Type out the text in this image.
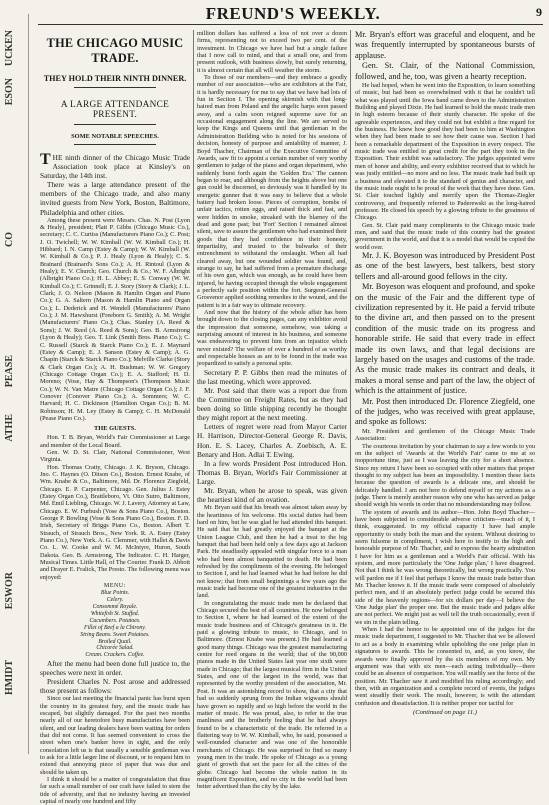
UCKEN
ESON
CO
PEASE
ATHE
ESWOR
HMIDT
FREUND'S WEEKLY.	9
THE CHICAGO MUSIC TRADE.
THEY HOLD THEIR NINTH DINNER.
A LARGE ATTENDANCE PRESENT.
SOME NOTABLE SPEECHES.

THE ninth dinner of the Chicago Music Trade Association took place at Kinsley's on Saturday, the 14th inst.

There was a large attendance present of the members of the Chicago trade, and also many invited guests from New York, Boston, Baltimore, Philadelphia and other cities.

Among these present were Messrs. Chas. N. Post (Lyon & Healy), president; Platt P. Gibbs (Chicago Music Co.), secretary; C. C. Curtiss (Manufacturers Piano Co.); C. Post; J. O. Twichell; W. W. Kimball (W. W. Kimball Co.); H. Hibbard; I. N. Camp (Estey & Camp); W. W. Kimball (W. W. Kimball & Co.); P. J. Healy (Lyon & Healy); C. S. Brainard (Brainard's Sons Co.); A. H. Rintoul (Lyon & Healy); E. V. Church; Geo. Church & Co.; W. F. Albright (Albright Piano Co.); H. L. Abbey; E. S. Conway (W. W. Kimball Co.); C. Grinnell; E. J. Story (Story & Clark); J. L. Clark; J. O. Nelson (Mason & Hamlin Organ and Piano Co.); G. A. Saltern (Mason & Hamlin Piano and Organ Co.); L. Dederick and H. Wendell (Manufacturers' Piano Co.); J. M. Hawxhurst (Freeborn G. Smith); A. M. Wright (Manufacturers' Piano Co.); Chas. Stanley (A. Reed & Sons); J. W. Reed (A. Reed & Sons); Geo. B. Armstrong (Lyon & Healy); Geo. T. Link (Smith Bros. Piano Co.); C. C. Russell (Starck & Starck Piano Co.); E. J. Maynard (Estey & Camp); E. J. Sanson (Estey & Camp); A. G. Chapin (Starck & Starck Piano Co.); Melville Clarke (Story & Clark Organ Co.); A. H. Bushman; W. W. Gregory (Chicago Cottage Organ Co.); E. A. Stafford; H. D. Moreno; (Vose, Hay & Thompson's (Thompson Music Co.); W. N. Van Matre (Chicago Cottage Organ Co.); J. F. Conover (Conover Piano Co.); A. Sommers; W. C. Harvard; H. C. Dickinson (Hamilton Organ Co.); B. M. Robinson; H. M. Ley (Estey & Camp); C. H. McDonald (Pease Piano Co.).

THE GUESTS.

Hon. T. B. Bryan, World's Fair Commissioner at Large and member of the Local Board.

Gen. W. D. St. Clair, National Commissioner, West Virginia.

Hon. Thomas Cratty, Chicago. J. K. Bryson, Chicago. Jno. C. Haynes (O. Ditson Co.), Boston. Ernest Knabe, of Wm. Knabe & Co., Baltimore, Md. Dr. Florence Ziegfeld, Chicago. E. P. Carpenter, Chicago. Gen. Julius J. Estey (Estey Organ Co.), Brattleboro, Vt. Otto Sutro, Baltimore, Md. Emil Liebling, Chicago. W. J. Lavery, Attorney at Law, Chicago. E. W. Furbush (Vose & Sons Piano Co.), Boston. George P. Bowling (Vose & Sons Piano Co.), Boston. F. D. Irish, Secretary of Briggs Piano Co., Boston. Albert T. Strauch, of Strauch Bros., New York. R. A. Estey (Estey Piano Co.), New York. A. G. Clemmer, with Hallet & Davis Co. L. W. Cooke and W. M. McIntyre, Huron, South Dakota. Geo. B. Armstrong, The Indicator. C. H. Harger, Musical Times. Little Hall, of The Courier. Frank D. Abbott and Drayer E. Fralick, The Presto. The following menu was enjoyed:

MENU:
Blue Points.
Celery.
Consommé Royale.
Whitefish St. Stuffed.
Cucumbers. Potatoes.
Fillet of Beef a la Chirony.
String Beans. Sweet Potatoes.
Broiled Quail.
Chicorée Salad.
Cream. Crackers. Coffee.

After the menu had been done full justice to, the speeches were next in order.

President Charles N. Post arose and addressed those present as follows:

Since our last meeting the financial panic has burst upon the country in its greatest fury, and the music trade has escaped, but slightly damaged. For the past two months nearly all of our heretofore busy manufacturies have been silent, and our leading dealers have been waiting for orders that did not come. It has seemed convenient to cross the street when one's banker hove in sight, and the only consolation left us is that usually a sensible gentleman was to ask for a little larger line of discount, or to request him to extend that annoying piece of paper that was due and should be taken up.

I think it should be a matter of congratulation that thus far such a small number of our craft have failed to stem the tide of adversity, and that no industry having an invested capital of nearly one hundred and fifty

million dollars has suffered a loss of not over a dozen firms, representing not to exceed two per cent. of the investment. In Chicago we have had but a single failure that I now call to mind, and that a small one, and from present outlook, with business slowly, but surely returning, it is almost certain that all will weather the storm.

To those of our members—and they embrace a goodly number of our association—who are exhibitors at the Fair, it is hardly necessary for me to say that we have had lots of fun in Section I. The opening skirmish with that long-haired man from Poland and the angelic harps soon passed away, and a calm soon reigned supreme save for an occasional engagement along the line. We are served to keep the Kings and Queens until that gentleman in the Administration Building who is noted for his sessions of decision, honesty of purpose and amiability of manner, J. Boyd Thacher, Chairman of the Executive Committee of Awards, saw fit to appoint a certain number of very worthy gentlemen to judge of the piano and organ department, who suddenly burst forth again the 'Golden Era.' The cannon began to roar, and although from the heights above but one gun could be discerned, so deviously was it handled by its energetic gunner that it was easy to believe that a whole battery had broken loose. Pieces of corruption, bombs of unfair tactics, rotten eggs, and raised thick and fast, and were hidden in smoke, streaked with the blarney of the dead and gone past; but 'Fort' Section I remained almost silent, save to assure the gentlemen who had examined their goods that they had confidence in their honesty, impartiality, and trusted to the bulwarks of their entrenchment to withstand the onslaught. When all had cleared away, but one wounded soldier was found, and, strange to say, he had suffered from a premature discharge of his own gun, which was enough, as he could have been injured, be having occupied through the whole engagement a perfectly safe position within the fort. Surgeon-General Grosvenor applied soothing remedies to the wound, and the patient is in a fair way to ultimate recovery.

And now that the history of the whole affair has been brought down to the closing pages, can any exhibitor avoid the impression that someone, somehow, was taking a surprising amount of interest in his business, and someone was endeavoring to prevent him from an injustice which never existed? The welfare of over a hundred of as worthy and respectable houses as are to be found in the trade was jeopardized to satisfy a personal spite.

Secretary P. P. Gibbs then read the minutes of the last meeting, which were approved.

Mr. Post said that there was a report due from the Committee on Freight Rates, but as they had been doing so little shipping recently he thought they might report at the next meeting.

Letters of regret were read from Mayor Carter H. Harrison, Director-General George R. Davis, Hon. E. S. Lacey, Charles A. Zoebisch, A. E. Benary and Hon. Adlai T. Ewing.

In a few words President Post introduced Hon. Thomas B. Bryan, World's Fair Commissioner at Large.

Mr. Bryan, when he arose to speak, was given the heartiest kind of an ovation.

Mr. Bryan said that his breath was almost taken away by the heartiness of his welcome. His social duties had been hard on him, but he was glad he had attended this banquet. He said that he had greatly enjoyed the banquet at the Union League Club, and then he had a treat to the big banquet that had been held only a few days ago at Jackson Park. He steadfastly appealed with singular force to a man who had been almost banquetted to death. He had been refreshed by the compliments of the evening. He belonged to Section I, and he had learned what he had before he did not know; that from small beginnings a few years ago the music trade had become one of the greatest industries in the land.

In congratulating the music trade men he declared that Chicago secured the best of all countries. He now belonged to Section I, where he had learned of the extent of the music trade business and of Chicago's greatness in it. He paid a glowing tribute to music, to Chicago, and to Baltimore. (Ernest Knabe was present.) He had learned a good many things. Chicago was the greatest manufacturing centre for reed organs in the world; that of the 90,000 pianos made in the United States last year one sixth were made in Chicago; that the largest musical firm in the United States, and one of the largest in the world, was that represented by the worthy president of the association, Mr. Post. It was an astonishing record to show, that a city that had so suddenly sprung from the Indian wigwams should have grown so rapidly and so high before the world in the matter of music. He was proud, also, to refer to the true manliness and the brotherly feeling that he had always found to be a characteristic of the trade. He referred in a flattering way to W. W. Kimball, who, he said, possessed a well-rounded character and was one of the honorable merchants of Chicago. He was surprised to find so many young men in the trade. He spoke of Chicago as a young giant of growth that set the pace for all the cities of the globe. Chicago had become the whole nation in its magnificent Exposition, and no city in the world had been better advertised than the city by the lake.

Mr. Bryan's effort was graceful and eloquent, and he was frequently interrupted by spontaneous bursts of applause.

Gen. St. Clair, of the National Commission, followed, and he, too, was given a hearty reception.

He had hoped, when he went into the Exposition, to learn something of music, but had been so overwhelmed with it that he couldn't tell what was played until the Iowa band came down to the Administration Building and played Dixie. He had learned to hold the music trade men in high esteem because of their sturdy character. He spoke of the agreeable experiences, and they could not but exhibit a fine regard for the business. He knew how good they had been to him at Washington when they had been made to see how their cause was. Section I had been a remarkable department of the Exposition in every respect. The music trade was entitled to great credit for the part they took in the Exposition. Their exhibit was satisfactory. The judges appointed were men of honor and ability, and every exhibitor received that to which he was justly entitled—no more and no less. The music trade had built up a business and elevated it to the standard of genius and character, and the music trade ought to be proud of the work that they have done. Gen. St. Clair touched lightly and merrily upon the Thomas-Ziegler controversy, and frequently referred to Paderewski as the long-haired professor. He closed his speech by a glowing tribute to the greatness of Chicago.

Gen. St. Clair paid many compliments to the Chicago music trade men, and said that the music trade of this country had the greatest government in the world, and that it is a model that would be copied the world over.

Mr. J. K. Boyeson was introduced by President Post as one of the best lawyers, best talkers, best story tellers and all-around good fellows in the city.

Mr. Boyeson was eloquent and profound, and spoke on the music of the Fair and the different type of civilization represented by it. He paid a fervid tribute to the divine art, and then passed on to the present condition of the music trade on its progress and honorable strife. He said that every trade in effect made its own laws, and that legal decisions are largely based on the usages and customs of the trade. As the music trade makes its contract and deals, it makes a moral sense and part of the law, the object of which is the attainment of justice.

Mr. Post then introduced Dr. Florence Ziegfeld, one of the judges, who was received with great applause, and spoke as follows:

Mr. President and gentlemen of the Chicago Music Trade Association:

The courteous invitation by your chairman to say a few words to you on the subject of 'Awards at the World's Fair' came to me at so inopportune time, just as I was leaving the city for a short absence. Since my return I have been so occupied with other matters that proper thought to my subject has been an impossibility. I mention these facts because the question of awards is a delicate one, and should be delicately handled. I am not here to defend myself or my actions as a judge. There is merely another reason why one who has served as judge should weigh his words in order that no misunderstanding may follow.

The system of awards and its author—Hon. John Boyd Thacher—have been subjected to considerable adverse criticism—much of it, I think, exaggerated. In my official capacity I have had ample opportunity to study both the man and the system. Without desiring to seem fulsome in compliment, I wish here to testify to the high and honorable purpose of Mr. Thacher, and to express the hearty admiration I have for him as a gentleman and a World's Fair official. With his system, and more particularly the 'One Judge plan,' I have disagreed. Not that I think he was wrong theoretically, but wrong practically. You will pardon me if I feel that perhaps I know the music trade better than Mr. Thacher knows it. If the music trade were composed of absolutely perfect men, and if an absolutely perfect judge could be secured this side of the heavenly regions—for six dollars per day—I believe the 'One Judge plan' the proper one. But the music trade and judges alike are not perfect. We might just as well tell the truth occasionally, even if we sin in the plain telling.

When I had the honor to be appointed one of the judges for the music trade department, I suggested to Mr. Thacher that we be allowed to act as a body in examining while upholding the one judge plan in signatures to awards. This he consented to, and, as you know, the awards were finally approved by the six members of my own. My argument was that with six men—each acting individually—there could be an absence of comparison. You will readily see the force of the position. Mr. Thacher saw it and modified his ruling accordingly; and then, with an organization and a complete record of events, the judges went steadily their work. The result, however, is with the attendant confusion and dissatisfaction. It is neither proper nor tactful for

(Continued on page 11.)
